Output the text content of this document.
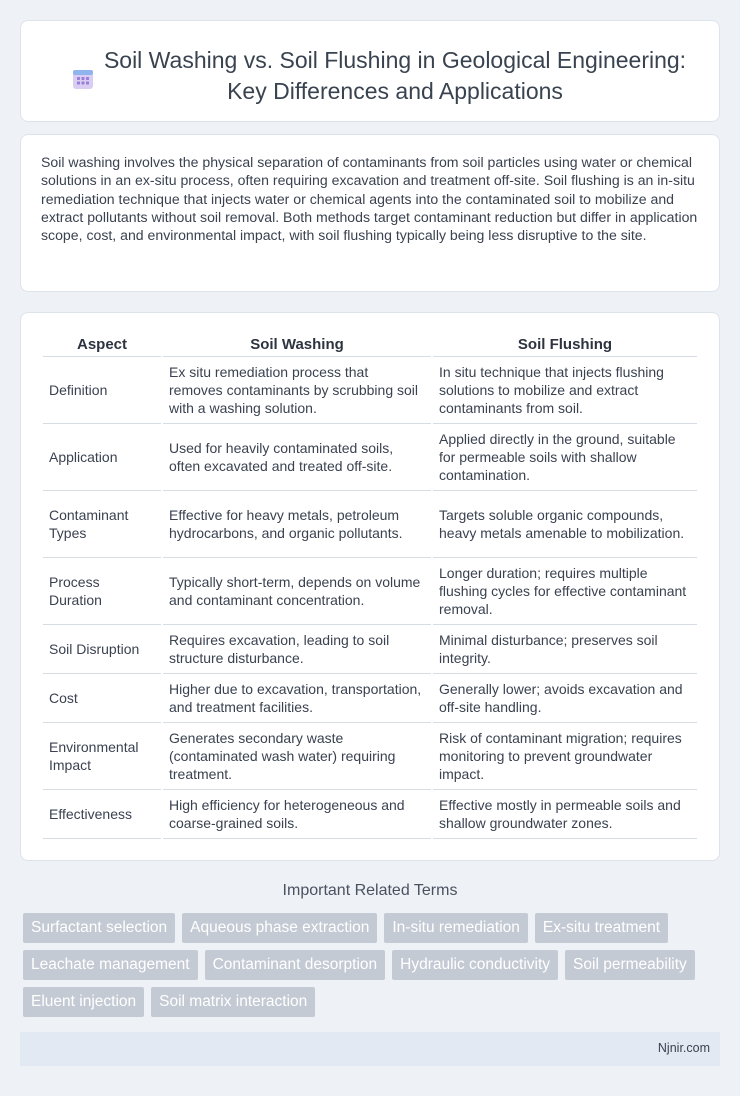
Soil Washing vs. Soil Flushing in Geological Engineering: Key Differences and Applications

Soil washing involves the physical separation of contaminants from soil particles using water or chemical solutions in an ex-situ process, often requiring excavation and treatment off-site. Soil flushing is an in-situ remediation technique that injects water or chemical agents into the contaminated soil to mobilize and extract pollutants without soil removal. Both methods target contaminant reduction but differ in application scope, cost, and environmental impact, with soil flushing typically being less disruptive to the site.

Aspect	Soil Washing	Soil Flushing
Definition	Ex situ remediation process that removes contaminants by scrubbing soil with a washing solution.	In situ technique that injects flushing solutions to mobilize and extract contaminants from soil.
Application	Used for heavily contaminated soils, often excavated and treated off-site.	Applied directly in the ground, suitable for permeable soils with shallow contamination.
Contaminant Types	Effective for heavy metals, petroleum hydrocarbons, and organic pollutants.	Targets soluble organic compounds, heavy metals amenable to mobilization.
Process Duration	Typically short-term, depends on volume and contaminant concentration.	Longer duration; requires multiple flushing cycles for effective contaminant removal.
Soil Disruption	Requires excavation, leading to soil structure disturbance.	Minimal disturbance; preserves soil integrity.
Cost	Higher due to excavation, transportation, and treatment facilities.	Generally lower; avoids excavation and off-site handling.
Environmental Impact	Generates secondary waste (contaminated wash water) requiring treatment.	Risk of contaminant migration; requires monitoring to prevent groundwater impact.
Effectiveness	High efficiency for heterogeneous and coarse-grained soils.	Effective mostly in permeable soils and shallow groundwater zones.
Important Related Terms
Surfactant selection	Aqueous phase extraction	In-situ remediation	Ex-situ treatment
Leachate management	Contaminant desorption	Hydraulic conductivity	Soil permeability
Eluent injection	Soil matrix interaction
Njnir.com
